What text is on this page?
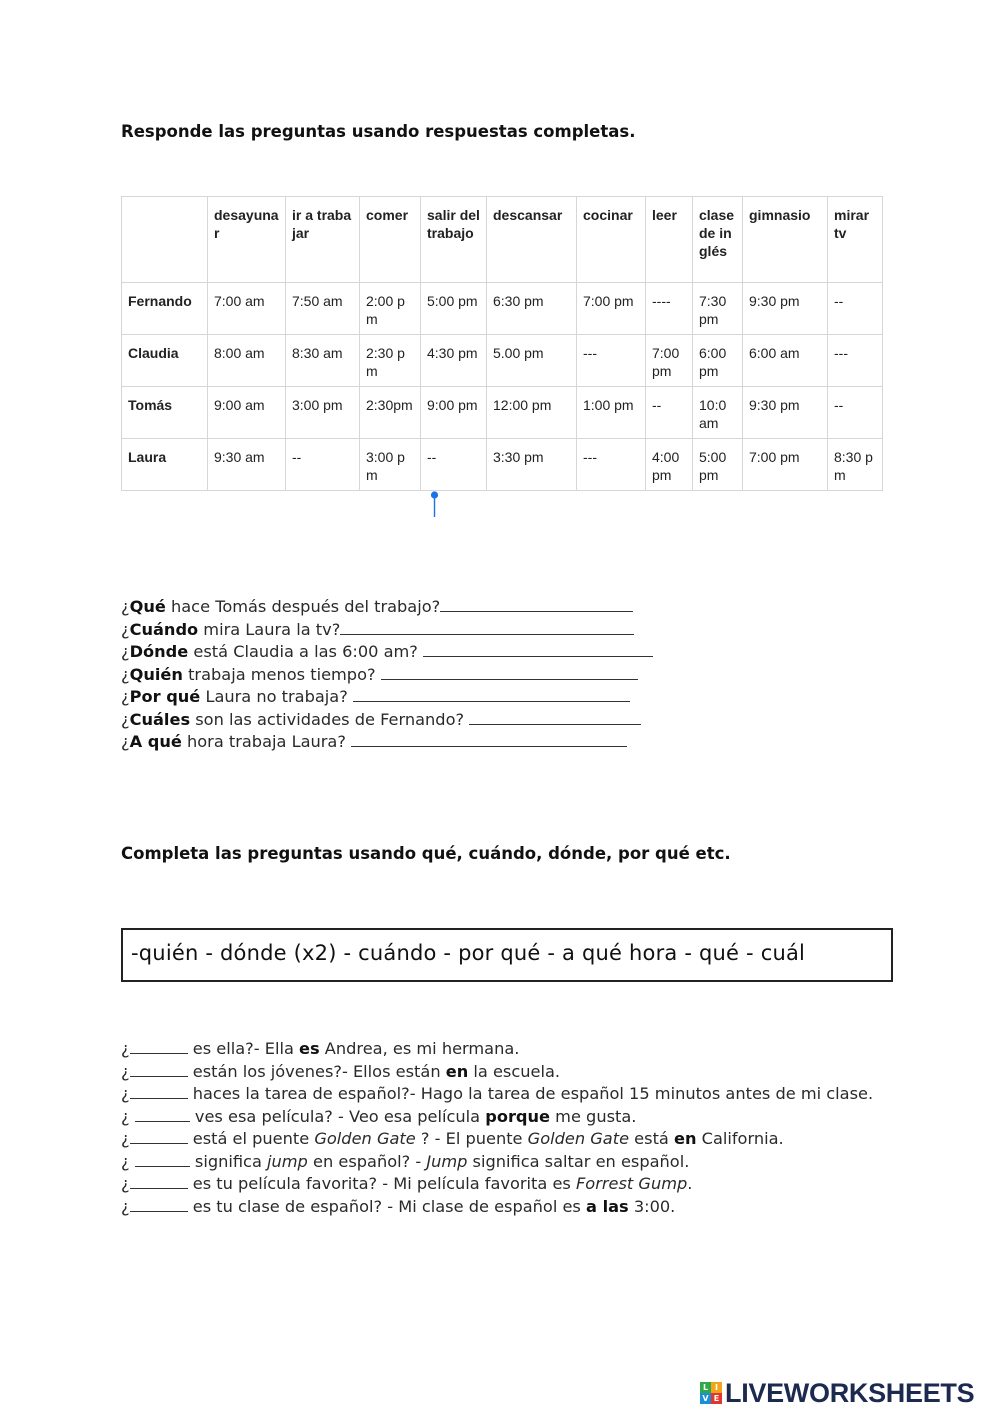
Responde las preguntas usando respuestas completas.
	desayunar	ir a trabajar	comer	salir del trabajo	descansar	cocinar	leer	clase de inglés	gimnasio	mirar tv
Fernando	7:00 am	7:50 am	2:00 pm	5:00 pm	6:30 pm	7:00 pm	----	7:30 pm	9:30 pm	--
Claudia	8:00 am	8:30 am	2:30 pm	4:30 pm	5.00 pm	---	7:00 pm	6:00 pm	6:00 am	---
Tomás	9:00 am	3:00 pm	2:30pm	9:00 pm	12:00 pm	1:00 pm	--	10:0 am	9:30 pm	--
Laura	9:30 am	--	3:00 pm	--	3:30 pm	---	4:00 pm	5:00 pm	7:00 pm	8:30 pm
¿Qué hace Tomás después del trabajo?
¿Cuándo mira Laura la tv?
¿Dónde está Claudia a las 6:00 am?
¿Quién trabaja menos tiempo?
¿Por qué Laura no trabaja?
¿Cuáles son las actividades de Fernando?
¿A qué hora trabaja Laura?
Completa las preguntas usando qué, cuándo, dónde, por qué etc.
-quién - dónde (x2) - cuándo - por qué - a qué hora - qué - cuál
¿	es ella?- Ella es Andrea, es mi hermana.
¿	están los jóvenes?- Ellos están en la escuela.
¿	haces la tarea de español?- Hago la tarea de español 15 minutos antes de mi clase.
¿	ves esa película? - Veo esa película porque me gusta.
¿	está el puente Golden Gate ? - El puente Golden Gate está en California.
¿	significa jump en español? - Jump significa saltar en español.
¿	es tu película favorita? - Mi película favorita es Forrest Gump.
¿	es tu clase de español? - Mi clase de español es a las 3:00.
L I
V E LIVEWORKSHEETS
